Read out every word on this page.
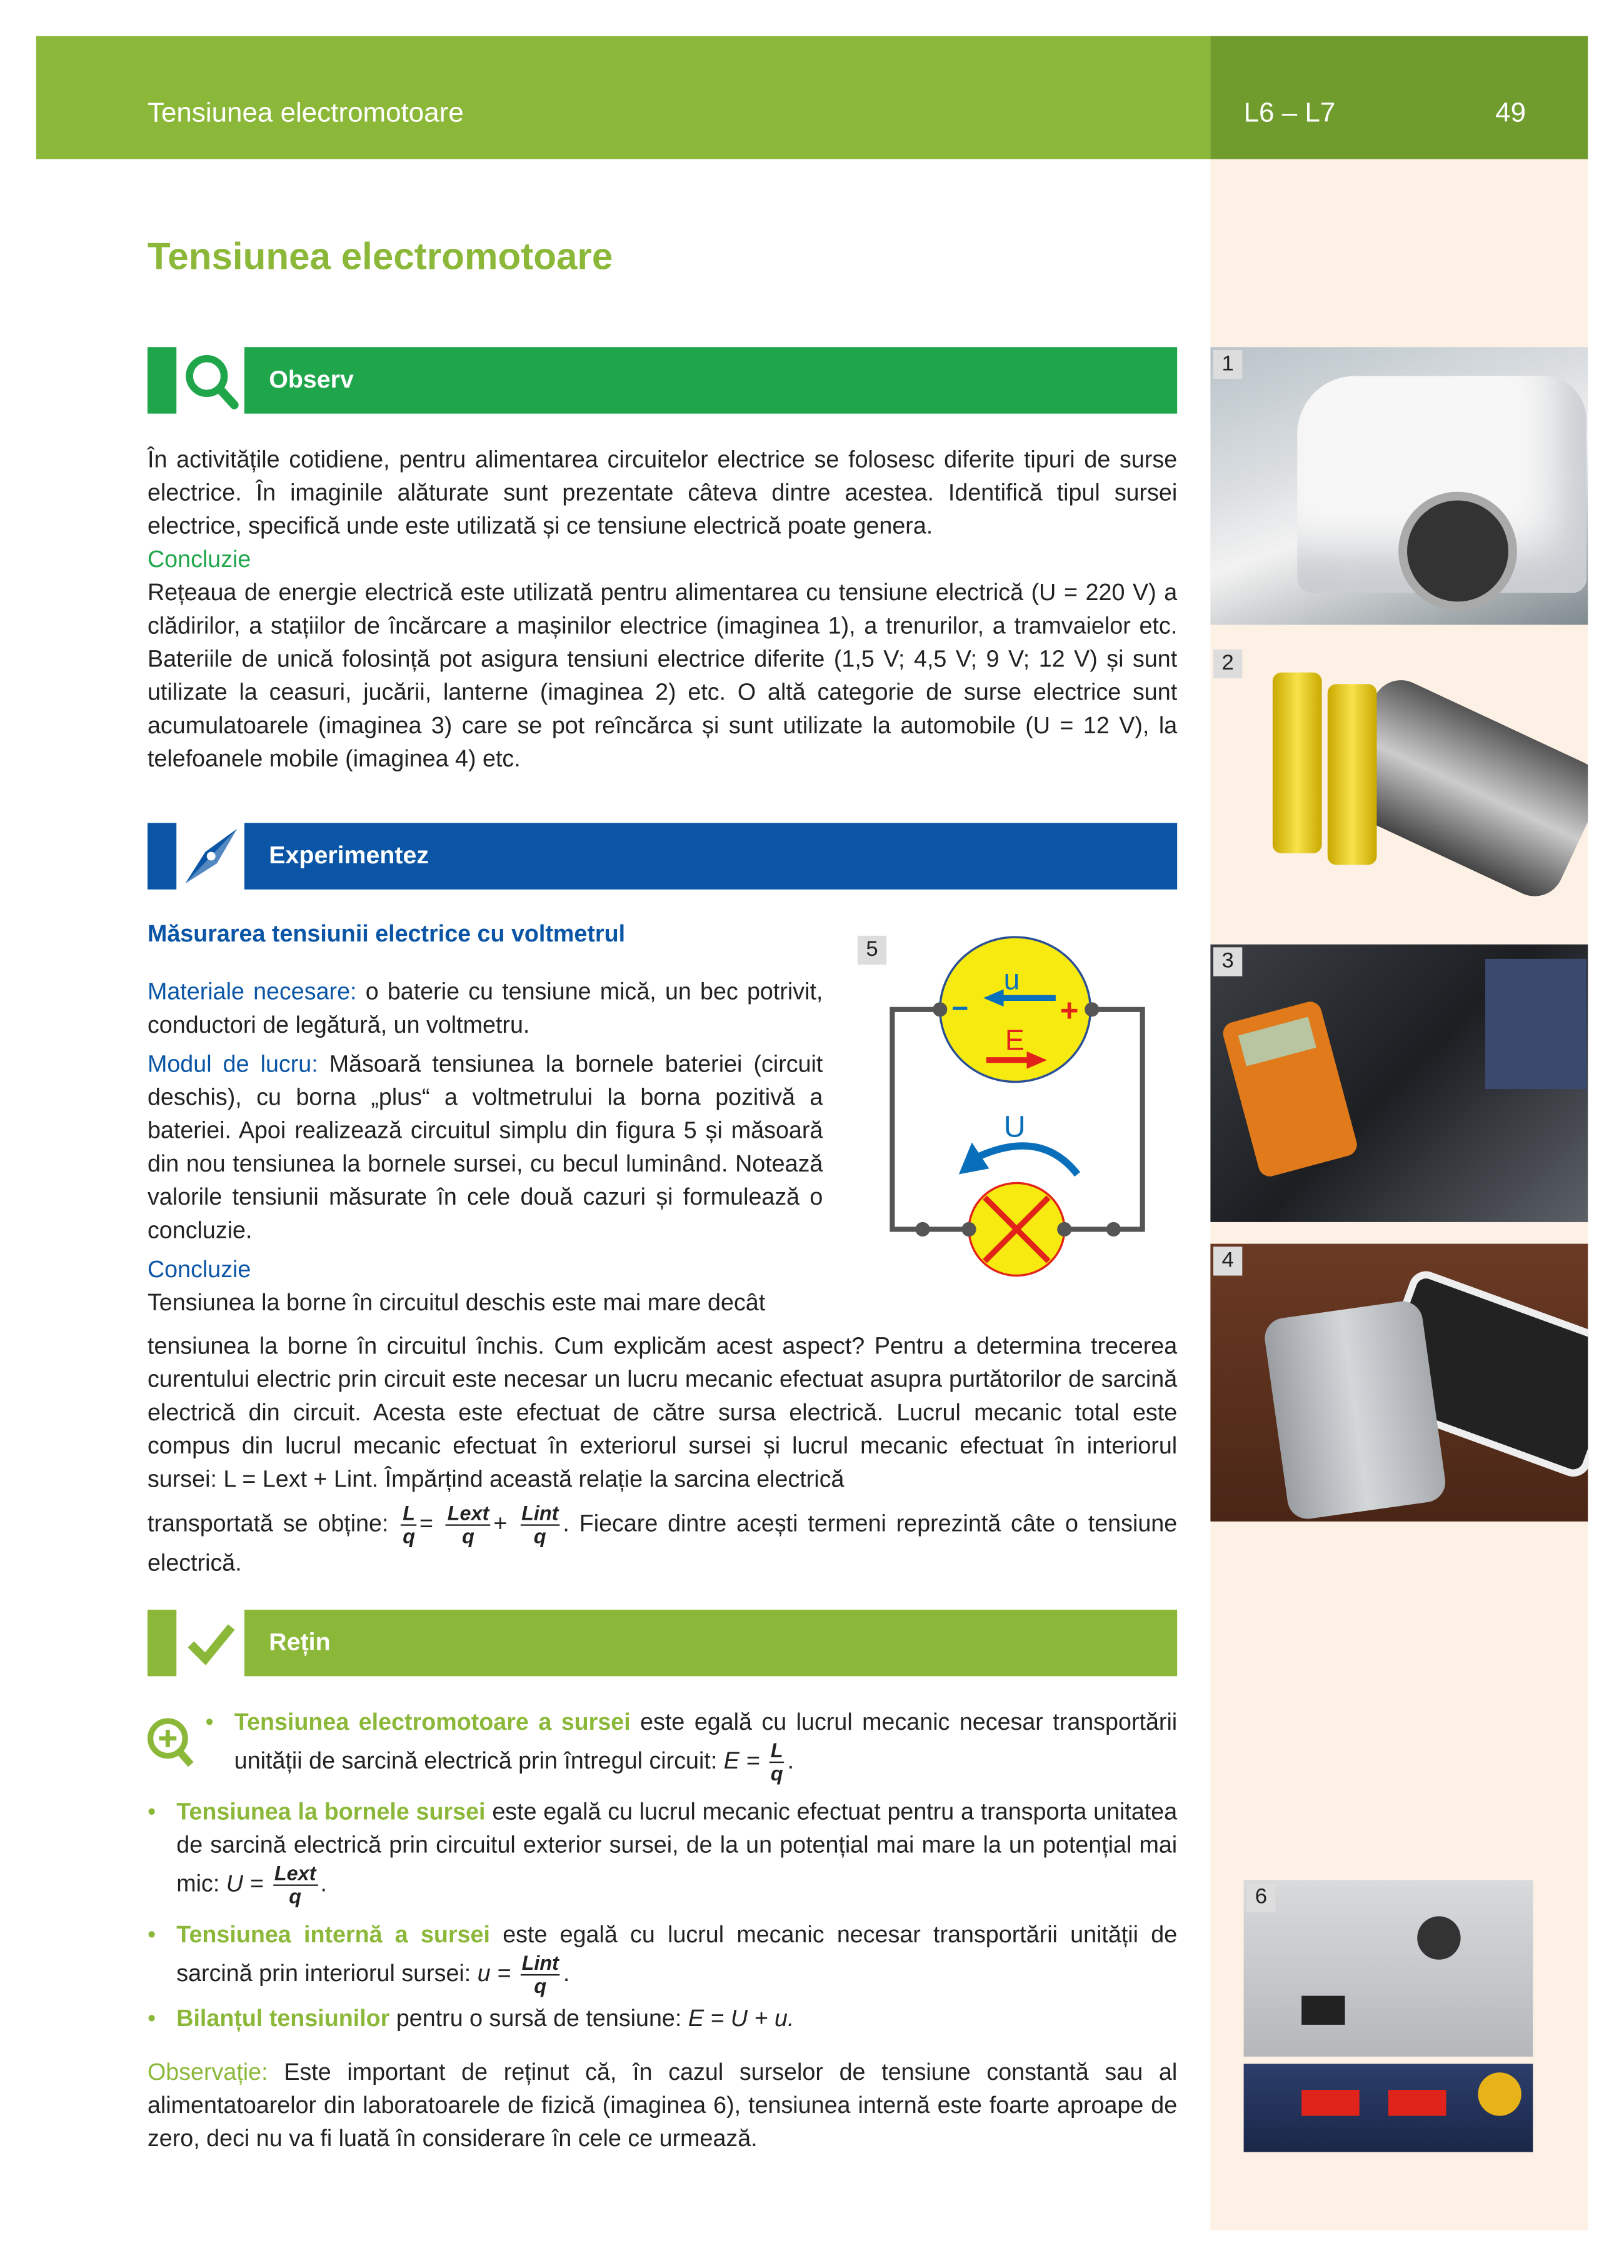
Tensiunea electromotoare	L6 – L7	49
Tensiunea electromotoare
Observ

În activitățile cotidiene, pentru alimentarea circuitelor electrice se folosesc diferite tipuri de surse electrice. În imaginile alăturate sunt prezentate câteva dintre acestea. Identifică tipul sursei electrice, specifică unde este utilizată și ce tensiune electrică poate genera.

Concluzie

Rețeaua de energie electrică este utilizată pentru alimentarea cu tensiune electrică (U = 220 V) a clădirilor, a stațiilor de încărcare a mașinilor electrice (imaginea 1), a trenurilor, a tramvaielor etc. Bateriile de unică folosință pot asigura tensiuni electrice diferite (1,5 V; 4,5 V; 9 V; 12 V) și sunt utilizate la ceasuri, jucării, lanterne (imaginea 2) etc. O altă categorie de surse electrice sunt acumulatoarele (imaginea 3) care se pot reîncărca și sunt utilizate la automobile (U = 12 V), la telefoanele mobile (imaginea 4) etc.

Experimentez
Măsurarea tensiunii electrice cu voltmetrul

Materiale necesare: o baterie cu tensiune mică, un bec potrivit, conductori de legătură, un voltmetru.

Modul de lucru: Măsoară tensiunea la bornele bateriei (circuit deschis), cu borna „plus“ a voltmetrului la borna pozitivă a bateriei. Apoi realizează circuitul simplu din figura 5 și măsoară din nou tensiunea la bornele sursei, cu becul luminând. Notează valorile tensiunii măsurate în cele două cazuri și formulează o concluzie.

Concluzie

Tensiunea la borne în circuitul deschis este mai mare decât

tensiunea la borne în circuitul închis. Cum explicăm acest aspect? Pentru a determina trecerea curentului electric prin circuit este necesar un lucru mecanic efectuat asupra purtătorilor de sarcină electrică din circuit. Acesta este efectuat de către sursa electrică. Lucrul mecanic total este compus din lucrul mecanic efectuat în exteriorul sursei și lucrul mecanic efectuat în interiorul sursei: L = Lext + Lint. Împărțind această relație la sarcina electrică

transportată se obține: $\frac{L}{q} = \frac{\text{Lext}}{q} + \frac{\text{Lint}}{q}$ . Fiecare dintre acești termeni reprezintă câte o tensiune electrică.

5
−	+
u
E
U
Rețin
• Tensiunea electromotoare a sursei este egală cu lucrul mecanic necesar transportării unității de sarcină electrică prin întregul circuit: $E = \frac{L}{q}$ .
• Tensiunea la bornele sursei este egală cu lucrul mecanic efectuat pentru a transporta unitatea de sarcină electrică prin circuitul exterior sursei, de la un potențial mai mare la un potențial mai mic: $U = \frac{\text{Lext}}{q}$ .
• Tensiunea internă a sursei este egală cu lucrul mecanic necesar transportării unității de sarcină prin interiorul sursei: $u = \frac{\text{Lint}}{q}$ .
• Bilanțul tensiunilor pentru o sursă de tensiune: E = U + u.

Observație: Este important de reținut că, în cazul surselor de tensiune constantă sau al alimentatoarelor din laboratoarele de fizică (imaginea 6), tensiunea internă este foarte aproape de zero, deci nu va fi luată în considerare în cele ce urmează.

1
2
3
4
6
